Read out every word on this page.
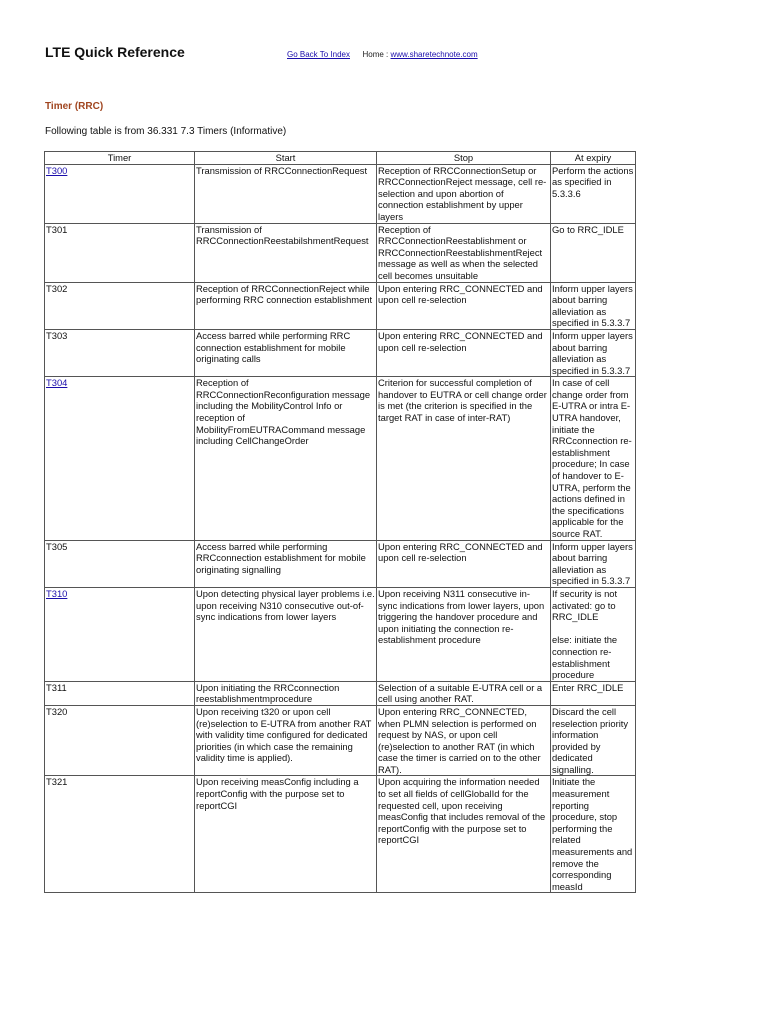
LTE Quick Reference	Go Back To Index Home : www.sharetechnote.com
Timer (RRC)

Following table is from 36.331 7.3 Timers (Informative)

Timer	Start	Stop	At expiry
T300	Transmission of RRCConnectionRequest	Reception of RRCConnectionSetup or RRCConnectionReject message, cell re-selection and upon abortion of connection establishment by upper layers	Perform the actions as specified in 5.3.3.6
T301	Transmission of RRCConnectionReestabilshmentRequest	Reception of RRCConnectionReestablishment or RRCConnectionReestablishmentReject message as well as when the selected cell becomes unsuitable	Go to RRC_IDLE
T302	Reception of RRCConnectionReject while performing RRC connection establishment	Upon entering RRC_CONNECTED and upon cell re-selection	Inform upper layers about barring alleviation as specified in 5.3.3.7
T303	Access barred while performing RRC connection establishment for mobile originating calls	Upon entering RRC_CONNECTED and upon cell re-selection	Inform upper layers about barring alleviation as specified in 5.3.3.7
T304	Reception of RRCConnectionReconfiguration message including the MobilityControl Info or reception of MobilityFromEUTRACommand message including CellChangeOrder	Criterion for successful completion of handover to EUTRA or cell change order is met (the criterion is specified in the target RAT in case of inter-RAT)	In case of cell change order from E-UTRA or intra E-UTRA handover, initiate the RRCconnection re-establishment procedure; In case of handover to E-UTRA, perform the actions defined in the specifications applicable for the source RAT.
T305	Access barred while performing RRCconnection establishment for mobile originating signalling	Upon entering RRC_CONNECTED and upon cell re-selection	Inform upper layers about barring alleviation as specified in 5.3.3.7
T310	Upon detecting physical layer problems i.e. upon receiving N310 consecutive out-of-sync indications from lower layers	Upon receiving N311 consecutive in-sync indications from lower layers, upon triggering the handover procedure and upon initiating the connection re-establishment procedure	If security is not activated: go to RRC_IDLE

else: initiate the connection re-establishment procedure
T311	Upon initiating the RRCconnection reestablishmentmprocedure	Selection of a suitable E-UTRA cell or a cell using another RAT.	Enter RRC_IDLE
T320	Upon receiving t320 or upon cell (re)selection to E-UTRA from another RAT with validity time configured for dedicated priorities (in which case the remaining validity time is applied).	Upon entering RRC_CONNECTED, when PLMN selection is performed on request by NAS, or upon cell (re)selection to another RAT (in which case the timer is carried on to the other RAT).	Discard the cell reselection priority information provided by dedicated signalling.
T321	Upon receiving measConfig including a reportConfig with the purpose set to reportCGI	Upon acquiring the information needed to set all fields of cellGlobalId for the requested cell, upon receiving measConfig that includes removal of the reportConfig with the purpose set to reportCGI	Initiate the measurement reporting procedure, stop performing the related measurements and remove the corresponding measId
